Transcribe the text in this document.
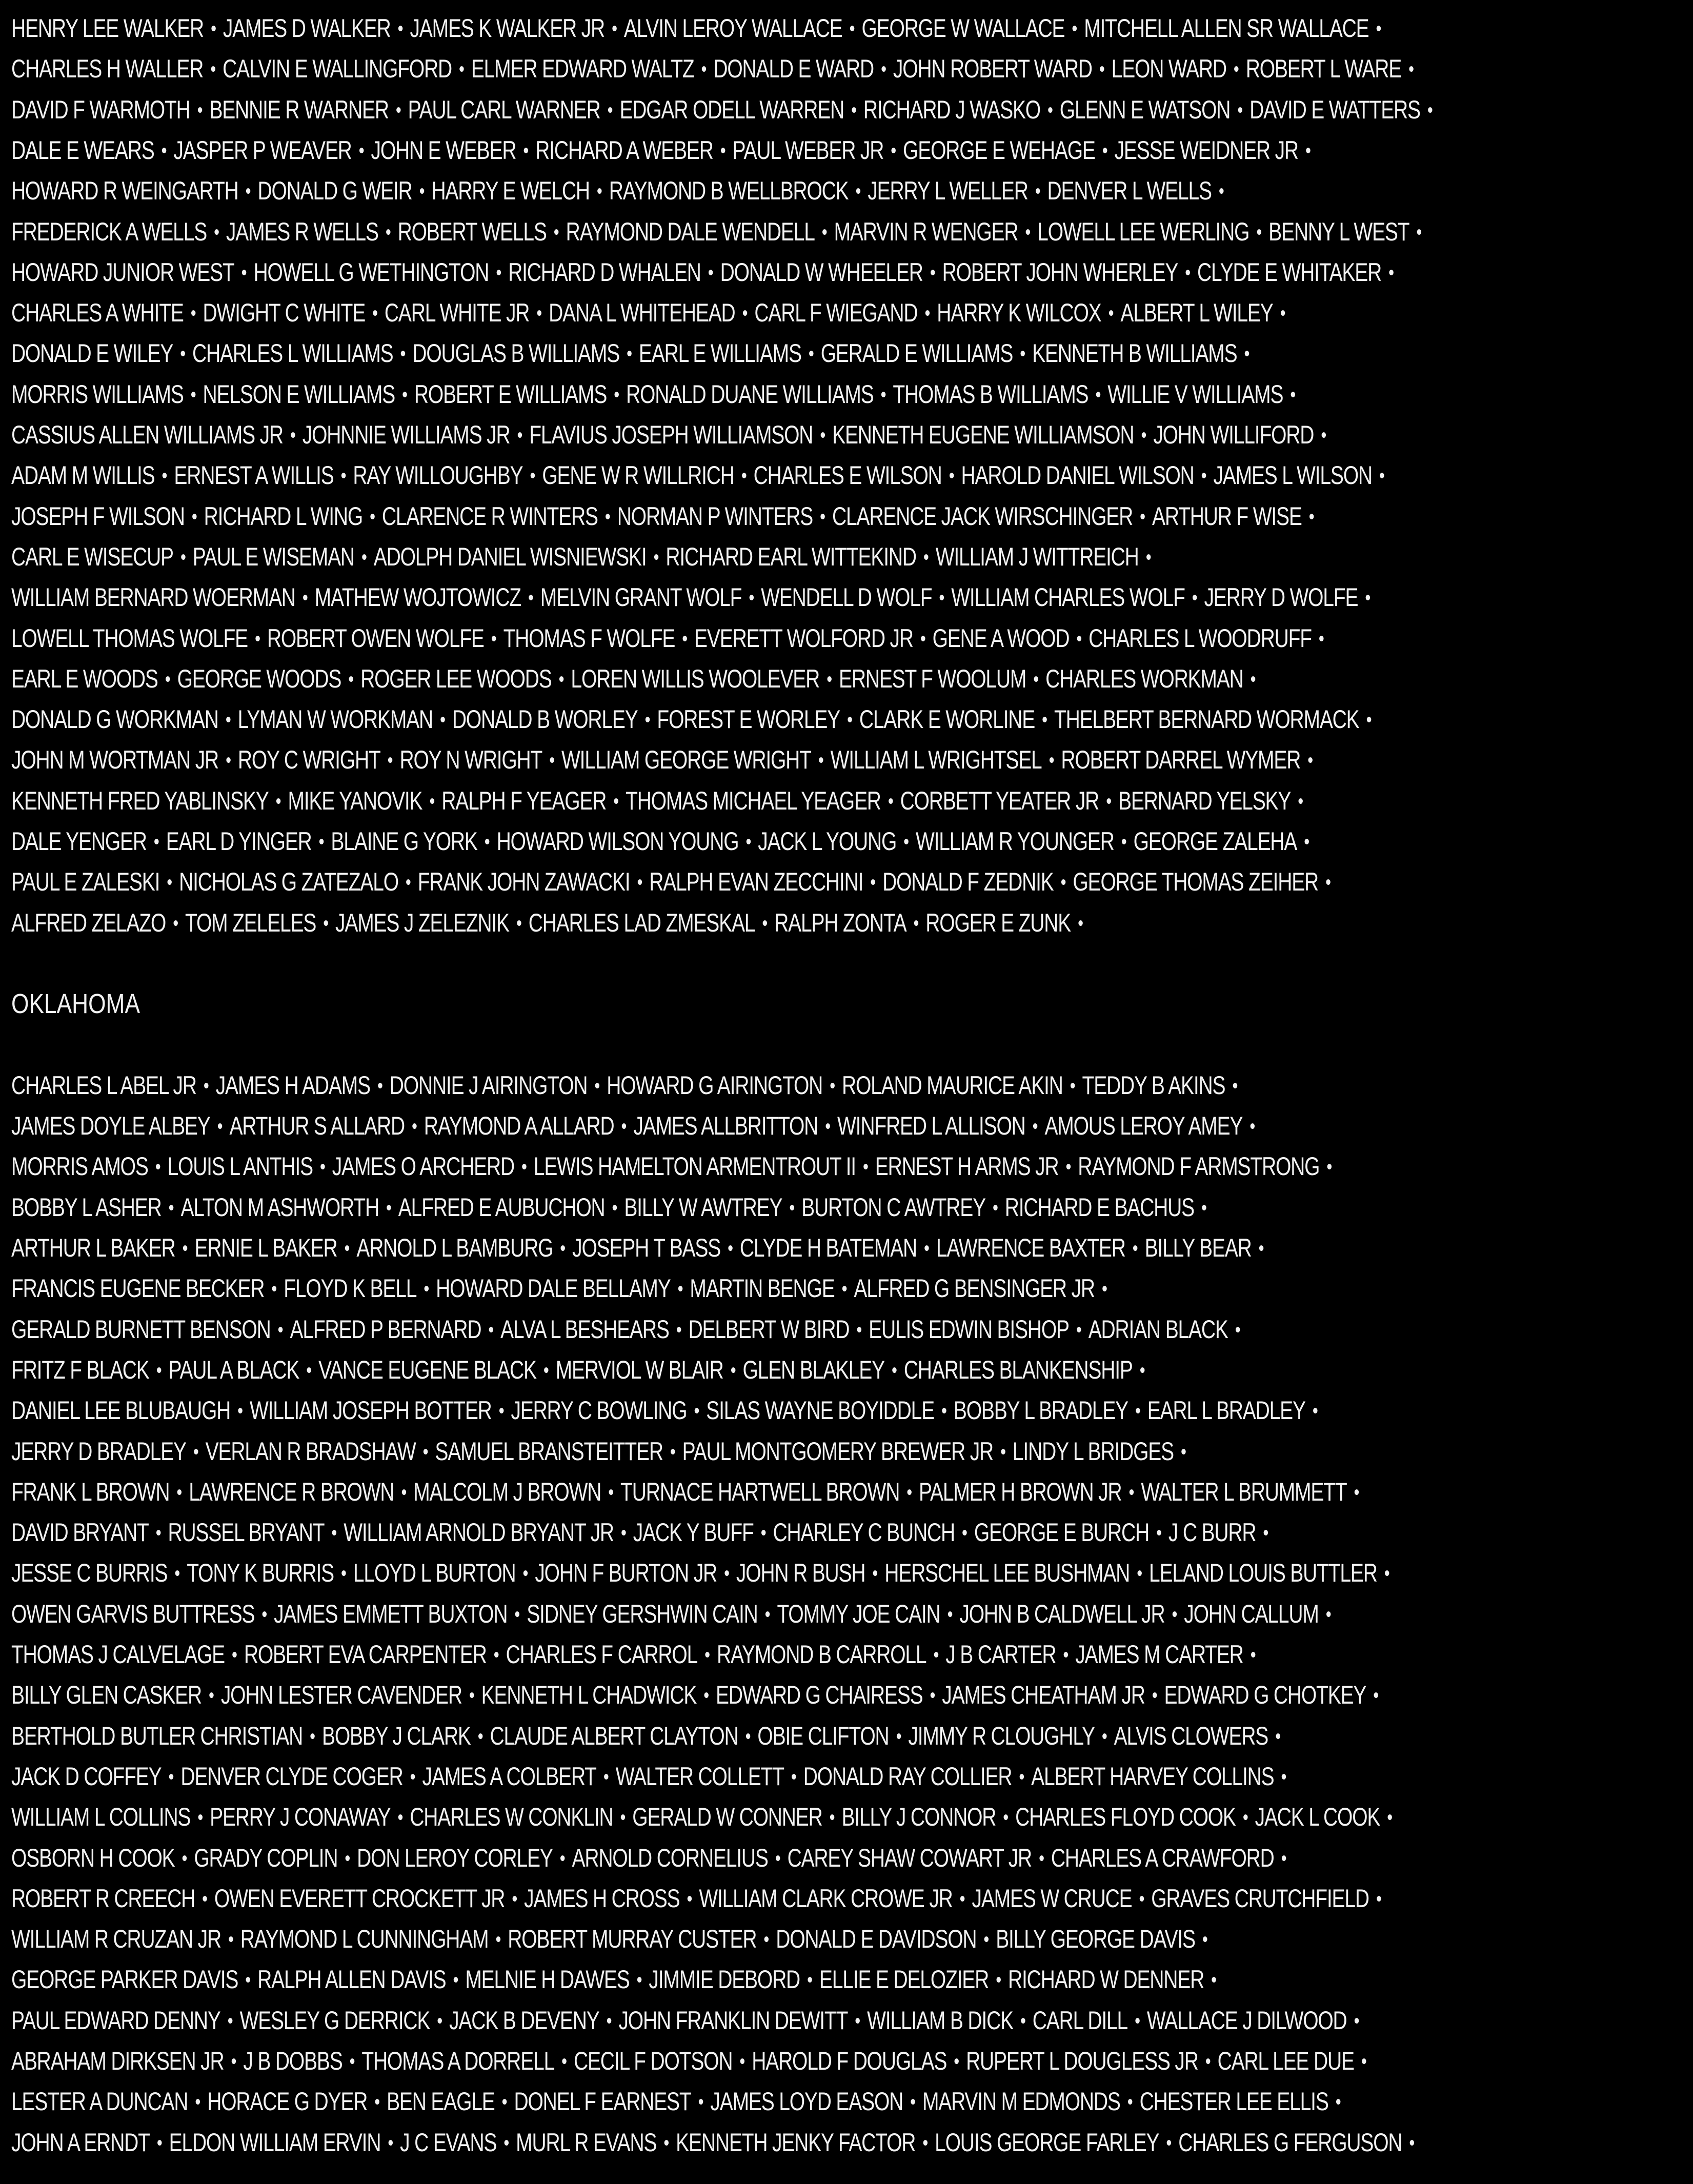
HENRY LEE WALKER • JAMES D WALKER • JAMES K WALKER JR • ALVIN LEROY WALLACE • GEORGE W WALLACE • MITCHELL ALLEN SR WALLACE •
CHARLES H WALLER • CALVIN E WALLINGFORD • ELMER EDWARD WALTZ • DONALD E WARD • JOHN ROBERT WARD • LEON WARD • ROBERT L WARE •
DAVID F WARMOTH • BENNIE R WARNER • PAUL CARL WARNER • EDGAR ODELL WARREN • RICHARD J WASKO • GLENN E WATSON • DAVID E WATTERS •
DALE E WEARS • JASPER P WEAVER • JOHN E WEBER • RICHARD A WEBER • PAUL WEBER JR • GEORGE E WEHAGE • JESSE WEIDNER JR •
HOWARD R WEINGARTH • DONALD G WEIR • HARRY E WELCH • RAYMOND B WELLBROCK • JERRY L WELLER • DENVER L WELLS •
FREDERICK A WELLS • JAMES R WELLS • ROBERT WELLS • RAYMOND DALE WENDELL • MARVIN R WENGER • LOWELL LEE WERLING • BENNY L WEST •
HOWARD JUNIOR WEST • HOWELL G WETHINGTON • RICHARD D WHALEN • DONALD W WHEELER • ROBERT JOHN WHERLEY • CLYDE E WHITAKER •
CHARLES A WHITE • DWIGHT C WHITE • CARL WHITE JR • DANA L WHITEHEAD • CARL F WIEGAND • HARRY K WILCOX • ALBERT L WILEY •
DONALD E WILEY • CHARLES L WILLIAMS • DOUGLAS B WILLIAMS • EARL E WILLIAMS • GERALD E WILLIAMS • KENNETH B WILLIAMS •
MORRIS WILLIAMS • NELSON E WILLIAMS • ROBERT E WILLIAMS • RONALD DUANE WILLIAMS • THOMAS B WILLIAMS • WILLIE V WILLIAMS •
CASSIUS ALLEN WILLIAMS JR • JOHNNIE WILLIAMS JR • FLAVIUS JOSEPH WILLIAMSON • KENNETH EUGENE WILLIAMSON • JOHN WILLIFORD •
ADAM M WILLIS • ERNEST A WILLIS • RAY WILLOUGHBY • GENE W R WILLRICH • CHARLES E WILSON • HAROLD DANIEL WILSON • JAMES L WILSON •
JOSEPH F WILSON • RICHARD L WING • CLARENCE R WINTERS • NORMAN P WINTERS • CLARENCE JACK WIRSCHINGER • ARTHUR F WISE •
CARL E WISECUP • PAUL E WISEMAN • ADOLPH DANIEL WISNIEWSKI • RICHARD EARL WITTEKIND • WILLIAM J WITTREICH •
WILLIAM BERNARD WOERMAN • MATHEW WOJTOWICZ • MELVIN GRANT WOLF • WENDELL D WOLF • WILLIAM CHARLES WOLF • JERRY D WOLFE •
LOWELL THOMAS WOLFE • ROBERT OWEN WOLFE • THOMAS F WOLFE • EVERETT WOLFORD JR • GENE A WOOD • CHARLES L WOODRUFF •
EARL E WOODS • GEORGE WOODS • ROGER LEE WOODS • LOREN WILLIS WOOLEVER • ERNEST F WOOLUM • CHARLES WORKMAN •
DONALD G WORKMAN • LYMAN W WORKMAN • DONALD B WORLEY • FOREST E WORLEY • CLARK E WORLINE • THELBERT BERNARD WORMACK •
JOHN M WORTMAN JR • ROY C WRIGHT • ROY N WRIGHT • WILLIAM GEORGE WRIGHT • WILLIAM L WRIGHTSEL • ROBERT DARREL WYMER •
KENNETH FRED YABLINSKY • MIKE YANOVIK • RALPH F YEAGER • THOMAS MICHAEL YEAGER • CORBETT YEATER JR • BERNARD YELSKY •
DALE YENGER • EARL D YINGER • BLAINE G YORK • HOWARD WILSON YOUNG • JACK L YOUNG • WILLIAM R YOUNGER • GEORGE ZALEHA •
PAUL E ZALESKI • NICHOLAS G ZATEZALO • FRANK JOHN ZAWACKI • RALPH EVAN ZECCHINI • DONALD F ZEDNIK • GEORGE THOMAS ZEIHER •
ALFRED ZELAZO • TOM ZELELES • JAMES J ZELEZNIK • CHARLES LAD ZMESKAL • RALPH ZONTA • ROGER E ZUNK •
OKLAHOMA
CHARLES L ABEL JR • JAMES H ADAMS • DONNIE J AIRINGTON • HOWARD G AIRINGTON • ROLAND MAURICE AKIN • TEDDY B AKINS •
JAMES DOYLE ALBEY • ARTHUR S ALLARD • RAYMOND A ALLARD • JAMES ALLBRITTON • WINFRED L ALLISON • AMOUS LEROY AMEY •
MORRIS AMOS • LOUIS L ANTHIS • JAMES O ARCHERD • LEWIS HAMELTON ARMENTROUT II • ERNEST H ARMS JR • RAYMOND F ARMSTRONG •
BOBBY L ASHER • ALTON M ASHWORTH • ALFRED E AUBUCHON • BILLY W AWTREY • BURTON C AWTREY • RICHARD E BACHUS •
ARTHUR L BAKER • ERNIE L BAKER • ARNOLD L BAMBURG • JOSEPH T BASS • CLYDE H BATEMAN • LAWRENCE BAXTER • BILLY BEAR •
FRANCIS EUGENE BECKER • FLOYD K BELL • HOWARD DALE BELLAMY • MARTIN BENGE • ALFRED G BENSINGER JR •
GERALD BURNETT BENSON • ALFRED P BERNARD • ALVA L BESHEARS • DELBERT W BIRD • EULIS EDWIN BISHOP • ADRIAN BLACK •
FRITZ F BLACK • PAUL A BLACK • VANCE EUGENE BLACK • MERVIOL W BLAIR • GLEN BLAKLEY • CHARLES BLANKENSHIP •
DANIEL LEE BLUBAUGH • WILLIAM JOSEPH BOTTER • JERRY C BOWLING • SILAS WAYNE BOYIDDLE • BOBBY L BRADLEY • EARL L BRADLEY •
JERRY D BRADLEY • VERLAN R BRADSHAW • SAMUEL BRANSTEITTER • PAUL MONTGOMERY BREWER JR • LINDY L BRIDGES •
FRANK L BROWN • LAWRENCE R BROWN • MALCOLM J BROWN • TURNACE HARTWELL BROWN • PALMER H BROWN JR • WALTER L BRUMMETT •
DAVID BRYANT • RUSSEL BRYANT • WILLIAM ARNOLD BRYANT JR • JACK Y BUFF • CHARLEY C BUNCH • GEORGE E BURCH • J C BURR •
JESSE C BURRIS • TONY K BURRIS • LLOYD L BURTON • JOHN F BURTON JR • JOHN R BUSH • HERSCHEL LEE BUSHMAN • LELAND LOUIS BUTTLER •
OWEN GARVIS BUTTRESS • JAMES EMMETT BUXTON • SIDNEY GERSHWIN CAIN • TOMMY JOE CAIN • JOHN B CALDWELL JR • JOHN CALLUM •
THOMAS J CALVELAGE • ROBERT EVA CARPENTER • CHARLES F CARROL • RAYMOND B CARROLL • J B CARTER • JAMES M CARTER •
BILLY GLEN CASKER • JOHN LESTER CAVENDER • KENNETH L CHADWICK • EDWARD G CHAIRESS • JAMES CHEATHAM JR • EDWARD G CHOTKEY •
BERTHOLD BUTLER CHRISTIAN • BOBBY J CLARK • CLAUDE ALBERT CLAYTON • OBIE CLIFTON • JIMMY R CLOUGHLY • ALVIS CLOWERS •
JACK D COFFEY • DENVER CLYDE COGER • JAMES A COLBERT • WALTER COLLETT • DONALD RAY COLLIER • ALBERT HARVEY COLLINS •
WILLIAM L COLLINS • PERRY J CONAWAY • CHARLES W CONKLIN • GERALD W CONNER • BILLY J CONNOR • CHARLES FLOYD COOK • JACK L COOK •
OSBORN H COOK • GRADY COPLIN • DON LEROY CORLEY • ARNOLD CORNELIUS • CAREY SHAW COWART JR • CHARLES A CRAWFORD •
ROBERT R CREECH • OWEN EVERETT CROCKETT JR • JAMES H CROSS • WILLIAM CLARK CROWE JR • JAMES W CRUCE • GRAVES CRUTCHFIELD •
WILLIAM R CRUZAN JR • RAYMOND L CUNNINGHAM • ROBERT MURRAY CUSTER • DONALD E DAVIDSON • BILLY GEORGE DAVIS •
GEORGE PARKER DAVIS • RALPH ALLEN DAVIS • MELNIE H DAWES • JIMMIE DEBORD • ELLIE E DELOZIER • RICHARD W DENNER •
PAUL EDWARD DENNY • WESLEY G DERRICK • JACK B DEVENY • JOHN FRANKLIN DEWITT • WILLIAM B DICK • CARL DILL • WALLACE J DILWOOD •
ABRAHAM DIRKSEN JR • J B DOBBS • THOMAS A DORRELL • CECIL F DOTSON • HAROLD F DOUGLAS • RUPERT L DOUGLESS JR • CARL LEE DUE •
LESTER A DUNCAN • HORACE G DYER • BEN EAGLE • DONEL F EARNEST • JAMES LOYD EASON • MARVIN M EDMONDS • CHESTER LEE ELLIS •
JOHN A ERNDT • ELDON WILLIAM ERVIN • J C EVANS • MURL R EVANS • KENNETH JENKY FACTOR • LOUIS GEORGE FARLEY • CHARLES G FERGUSON •
